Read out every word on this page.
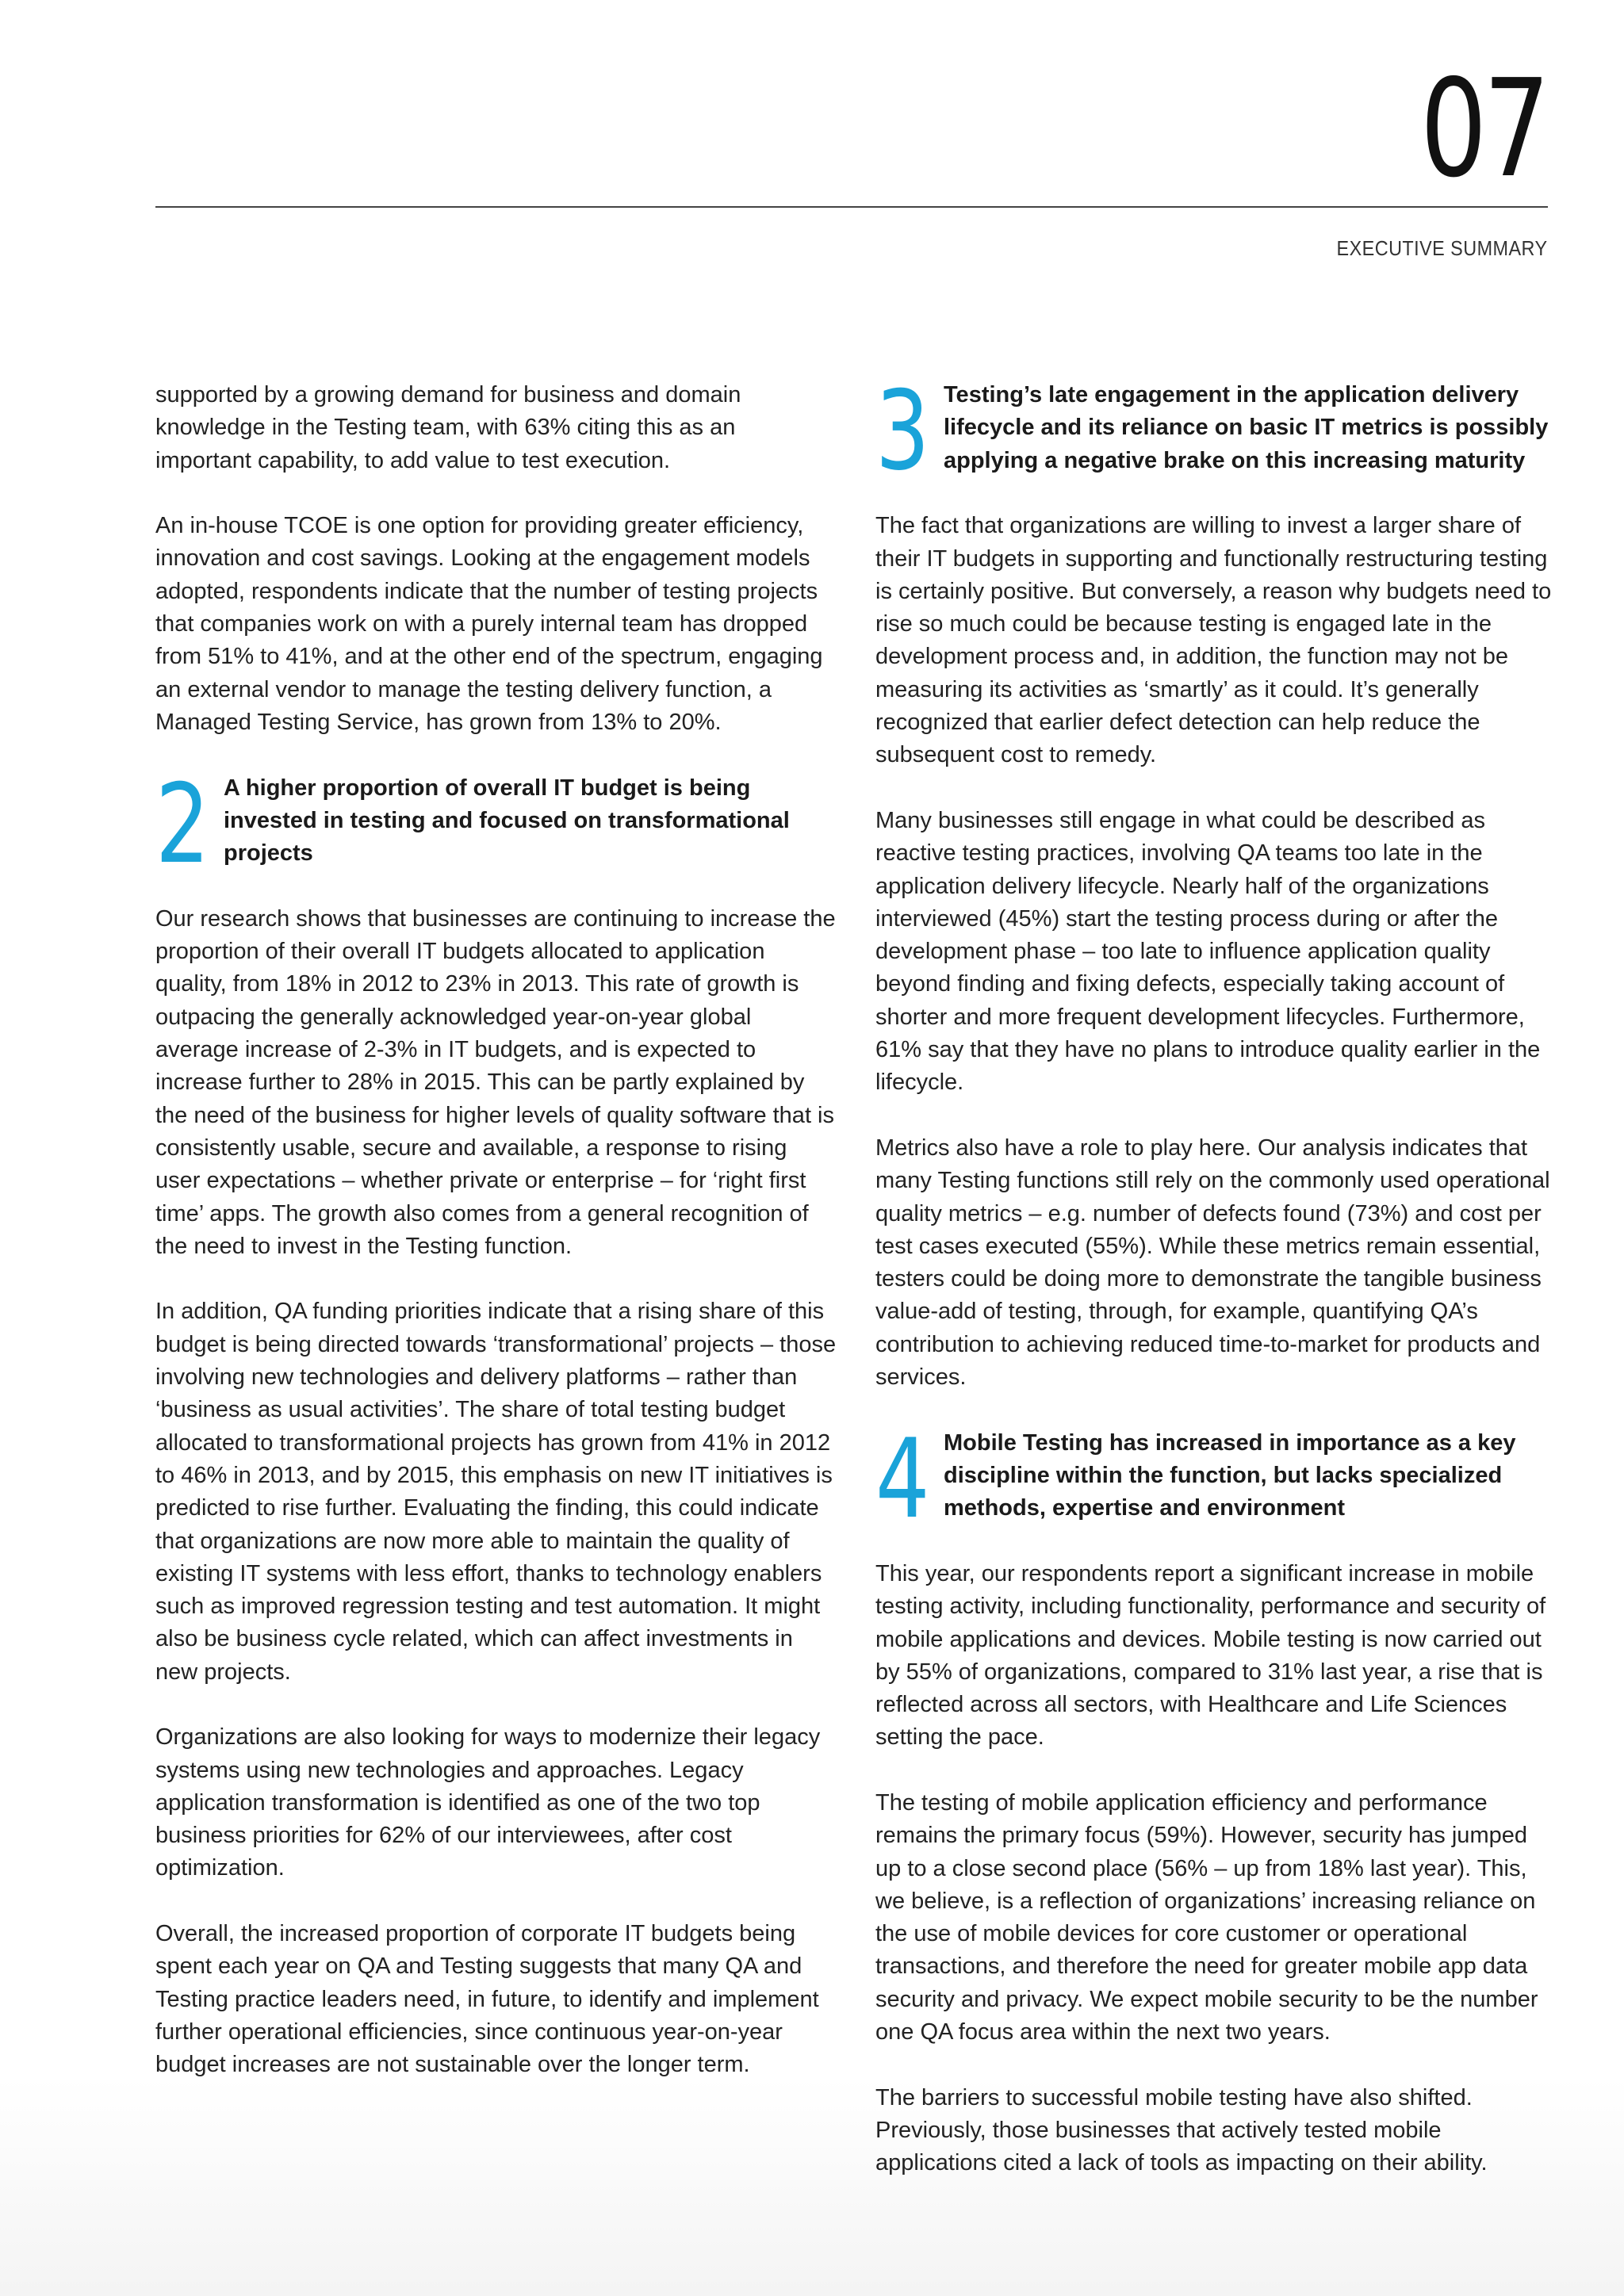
07
EXECUTIVE SUMMARY

supported by a growing demand for business and domain knowledge in the Testing team, with 63% citing this as an important capability, to add value to test execution.

An in-house TCOE is one option for providing greater efficiency, innovation and cost savings. Looking at the engagement models adopted, respondents indicate that the number of testing projects that companies work on with a purely internal team has dropped from 51% to 41%, and at the other end of the spectrum, engaging an external vendor to manage the testing delivery function, a Managed Testing Service, has grown from 13% to 20%.

2 A higher proportion of overall IT budget is being invested in testing and focused on transformational projects

Our research shows that businesses are continuing to increase the proportion of their overall IT budgets allocated to application quality, from 18% in 2012 to 23% in 2013. This rate of growth is outpacing the generally acknowledged year-on-year global average increase of 2-3% in IT budgets, and is expected to increase further to 28% in 2015. This can be partly explained by the need of the business for higher levels of quality software that is consistently usable, secure and available, a response to rising user expectations – whether private or enterprise – for ‘right first time’ apps. The growth also comes from a general recognition of the need to invest in the Testing function.

In addition, QA funding priorities indicate that a rising share of this budget is being directed towards ‘transformational’ projects – those involving new technologies and delivery platforms – rather than ‘business as usual activities’. The share of total testing budget allocated to transformational projects has grown from 41% in 2012 to 46% in 2013, and by 2015, this emphasis on new IT initiatives is predicted to rise further. Evaluating the finding, this could indicate that organizations are now more able to maintain the quality of existing IT systems with less effort, thanks to technology enablers such as improved regression testing and test automation. It might also be business cycle related, which can affect investments in new projects.

Organizations are also looking for ways to modernize their legacy systems using new technologies and approaches. Legacy application transformation is identified as one of the two top business priorities for 62% of our interviewees, after cost optimization.

Overall, the increased proportion of corporate IT budgets being spent each year on QA and Testing suggests that many QA and Testing practice leaders need, in future, to identify and implement further operational efficiencies, since continuous year-on-year budget increases are not sustainable over the longer term.

3 Testing’s late engagement in the application delivery lifecycle and its reliance on basic IT metrics is possibly applying a negative brake on this increasing maturity

The fact that organizations are willing to invest a larger share of their IT budgets in supporting and functionally restructuring testing is certainly positive. But conversely, a reason why budgets need to rise so much could be because testing is engaged late in the development process and, in addition, the function may not be measuring its activities as ‘smartly’ as it could. It’s generally recognized that earlier defect detection can help reduce the subsequent cost to remedy.

Many businesses still engage in what could be described as reactive testing practices, involving QA teams too late in the application delivery lifecycle. Nearly half of the organizations interviewed (45%) start the testing process during or after the development phase – too late to influence application quality beyond finding and fixing defects, especially taking account of shorter and more frequent development lifecycles. Furthermore, 61% say that they have no plans to introduce quality earlier in the lifecycle.

Metrics also have a role to play here. Our analysis indicates that many Testing functions still rely on the commonly used operational quality metrics – e.g. number of defects found (73%) and cost per test cases executed (55%). While these metrics remain essential, testers could be doing more to demonstrate the tangible business value-add of testing, through, for example, quantifying QA’s contribution to achieving reduced time-to-market for products and services.

4 Mobile Testing has increased in importance as a key discipline within the function, but lacks specialized methods, expertise and environment

This year, our respondents report a significant increase in mobile testing activity, including functionality, performance and security of mobile applications and devices. Mobile testing is now carried out by 55% of organizations, compared to 31% last year, a rise that is reflected across all sectors, with Healthcare and Life Sciences setting the pace.

The testing of mobile application efficiency and performance remains the primary focus (59%). However, security has jumped up to a close second place (56% – up from 18% last year). This, we believe, is a reflection of organizations’ increasing reliance on the use of mobile devices for core customer or operational transactions, and therefore the need for greater mobile app data security and privacy. We expect mobile security to be the number one QA focus area within the next two years.

The barriers to successful mobile testing have also shifted. Previously, those businesses that actively tested mobile applications cited a lack of tools as impacting on their ability.
